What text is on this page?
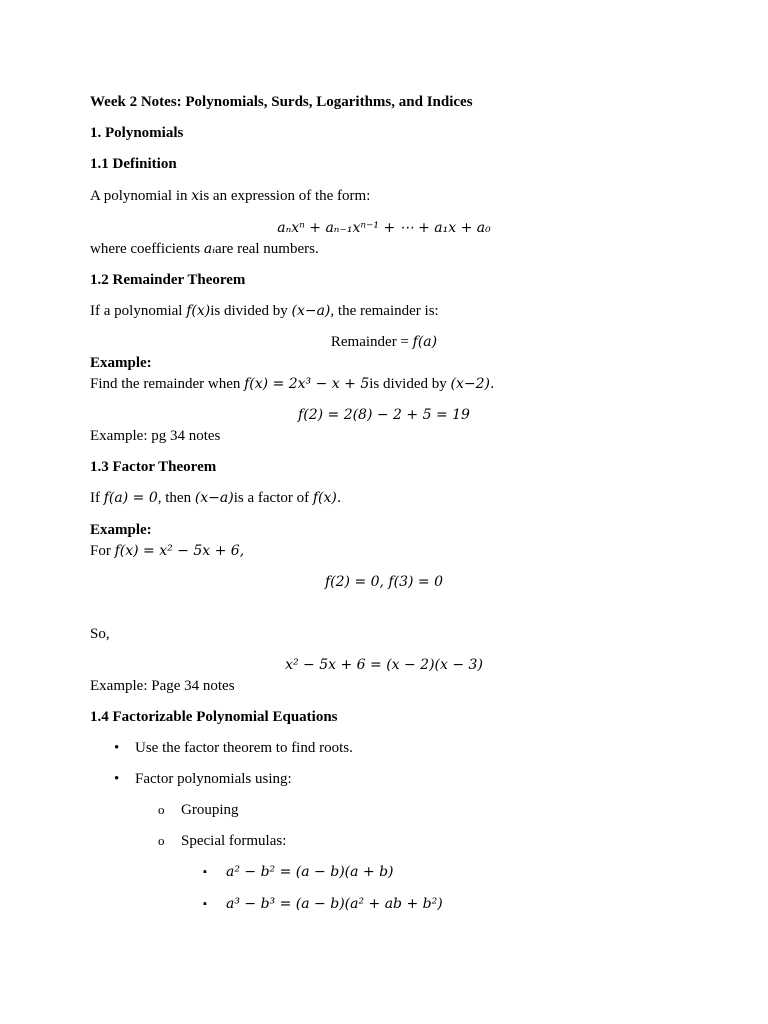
Week 2 Notes: Polynomials, Surds, Logarithms, and Indices
1. Polynomials
1.1 Definition
A polynomial in xis an expression of the form:
aₙxⁿ + aₙ₋₁xⁿ⁻¹ + ⋯ + a₁x + a₀
where coefficients aᵢare real numbers.
1.2 Remainder Theorem
If a polynomial f(x)is divided by (x−a), the remainder is:
Remainder = f(a)
Example:
Find the remainder when f(x) = 2x³ − x + 5is divided by (x−2).
f(2) = 2(8) − 2 + 5 = 19
Example: pg 34 notes
1.3 Factor Theorem
If f(a) = 0, then (x−a)is a factor of f(x).
Example:
For f(x) = x² − 5x + 6,
f(2) = 0, f(3) = 0
So,
x² − 5x + 6 = (x − 2)(x − 3)
Example: Page 34 notes
1.4 Factorizable Polynomial Equations
• Use the factor theorem to find roots.
• Factor polynomials using:
o Grouping
o Special formulas:
▪ a² − b² = (a − b)(a + b)
▪ a³ − b³ = (a − b)(a² + ab + b²)
